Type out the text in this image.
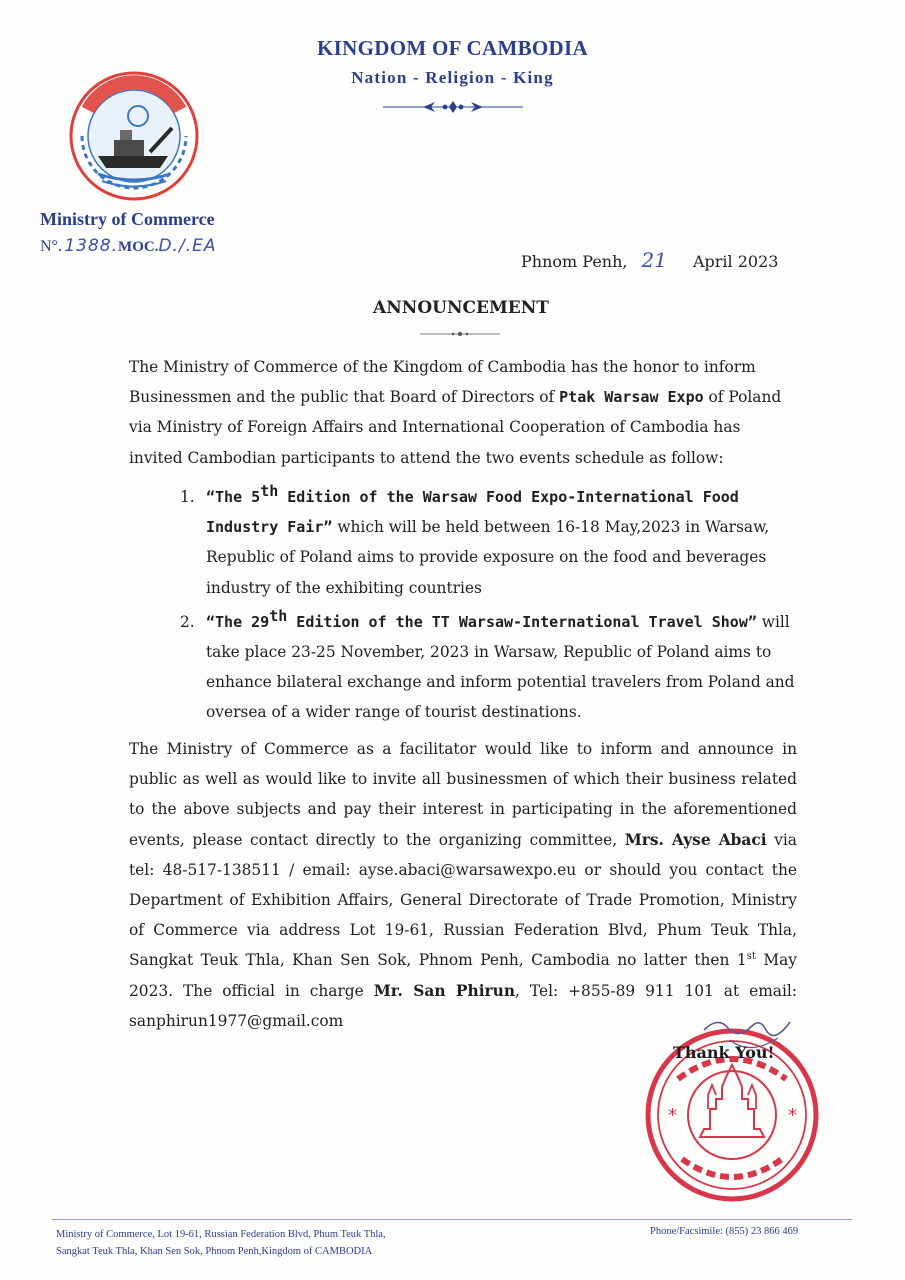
KINGDOM OF CAMBODIA
Nation - Religion - King
Ministry of Commerce
N°.1388.MOC.D./.EA
Phnom Penh, 21 April 2023
ANNOUNCEMENT
The Ministry of Commerce of the Kingdom of Cambodia has the honor to inform Businessmen and the public that Board of Directors of Ptak Warsaw Expo of Poland via Ministry of Foreign Affairs and International Cooperation of Cambodia has invited Cambodian participants to attend the two events schedule as follow:
1. “The 5th Edition of the Warsaw Food Expo-International Food Industry Fair” which will be held between 16-18 May,2023 in Warsaw, Republic of Poland aims to provide exposure on the food and beverages industry of the exhibiting countries
2. “The 29th Edition of the TT Warsaw-International Travel Show” will take place 23-25 November, 2023 in Warsaw, Republic of Poland aims to enhance bilateral exchange and inform potential travelers from Poland and oversea of a wider range of tourist destinations.
The Ministry of Commerce as a facilitator would like to inform and announce in public as well as would like to invite all businessmen of which their business related to the above subjects and pay their interest in participating in the aforementioned events, please contact directly to the organizing committee, Mrs. Ayse Abaci via tel: 48-517-138511 / email: ayse.abaci@warsawexpo.eu or should you contact the Department of Exhibition Affairs, General Directorate of Trade Promotion, Ministry of Commerce via address Lot 19-61, Russian Federation Blvd, Phum Teuk Thla, Sangkat Teuk Thla, Khan Sen Sok, Phnom Penh, Cambodia no latter then 1st May 2023. The official in charge Mr. San Phirun, Tel: +855-89 911 101 at email: sanphirun1977@gmail.com
*	*
Thank You!
Ministry of Commerce, Lot 19-61, Russian Federation Blvd, Phum Teuk Thla,
Sangkat Teuk Thla, Khan Sen Sok, Phnom Penh,Kingdom of CAMBODIA
Phone/Facsimile: (855) 23 866 469
